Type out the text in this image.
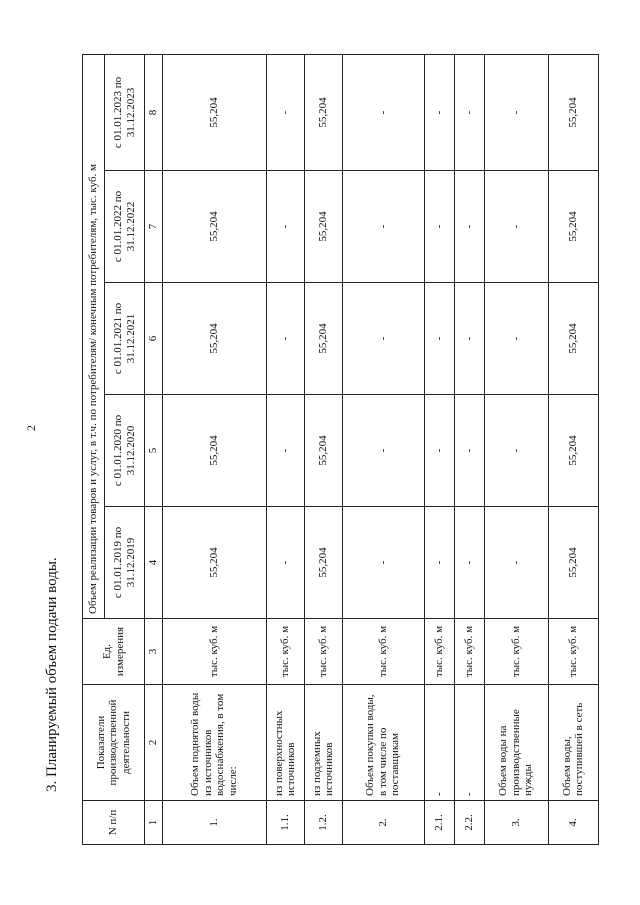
2
3. Планируемый объем подачи воды.
N п/п	Показатели производственной деятельности	Ед. измерения	Объем реализации товаров и услуг, в т.ч. по потребителям/ конечным потребителям, тыс. куб. м				
			с 01.01.2019 по 31.12.2019	с 01.01.2020 по 31.12.2020	с 01.01.2021 по 31.12.2021	с 01.01.2022 по 31.12.2022	с 01.01.2023 по 31.12.2023
1	2	3	4	5	6	7	8
1.	Объем поднятой воды из источников водоснабжения, в том числе:	тыс. куб. м	55,204	55,204	55,204	55,204	55,204
1.1.	из поверхностных источников	тыс. куб. м	-	-	-	-	-
1.2.	из подземных источников	тыс. куб. м	55,204	55,204	55,204	55,204	55,204
2.	Объем покупки воды, в том числе по поставщикам	тыс. куб. м	-	-	-	-	-
2.1.	-	тыс. куб. м	-	-	-	-	-
2.2.	-	тыс. куб. м	-	-	-	-	-
3.	Объем воды на производственные нужды	тыс. куб. м	-	-	-	-	-
4.	Объем воды, поступившей в сеть	тыс. куб. м	55,204	55,204	55,204	55,204	55,204
